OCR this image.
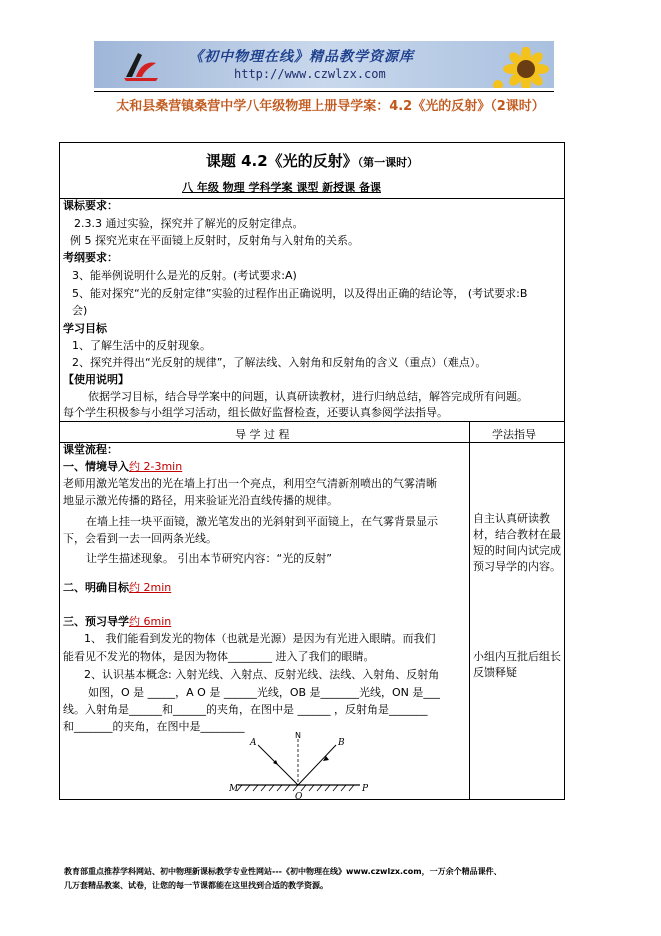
《初中物理在线》精品教学资源库
http://www.czwlzx.com
太和县桑营镇桑营中学八年级物理上册导学案：4.2《光的反射》（2课时）
课题 4.2《光的反射》（第一课时）
八 年级 物理 学科学案 课型 新授课 备课
课标要求：
2.3.3 通过实验，探究并了解光的反射定律点。
例 5 探究光束在平面镜上反射时，反射角与入射角的关系。
考纲要求：
3、能举例说明什么是光的反射。(考试要求:A)
5、能对探究“光的反射定律”实验的过程作出正确说明，以及得出正确的结论等， (考试要求:B
会)
学习目标
1、了解生活中的反射现象。
2、探究并得出“光反射的规律”，了解法线、入射角和反射角的含义（重点）（难点）。
【使用说明】
依据学习目标，结合导学案中的问题，认真研读教材，进行归纳总结，解答完成所有问题。
每个学生积极参与小组学习活动，组长做好监督检查，还要认真参阅学法指导。
导 学 过 程	学法指导
课堂流程：
一、情境导入约 2-3min
老师用激光笔发出的光在墙上打出一个亮点，利用空气清新剂喷出的气雾清晰
地显示激光传播的路径，用来验证光沿直线传播的规律。
在墙上挂一块平面镜，激光笔发出的光斜射到平面镜上，在气雾背景显示
下，会看到一去一回两条光线。
让学生描述现象。 引出本节研究内容：“光的反射”
二、明确目标约 2min
三、预习导学约 6min
1、 我们能看到发光的物体（也就是光源）是因为有光进入眼睛。而我们
能看见不发光的物体，是因为物体________ 进入了我们的眼睛。
2、认识基本概念: 入射光线、入射点、反射光线、法线、入射角、反射角
如图，O 是 _____，A O 是 ______光线，OB 是_______光线，ON 是___
线。入射角是______和______的夹角，在图中是 ______ ，反射角是_______
和_______的夹角，在图中是________
自主认真研读教材，结合教材在最短的时间内试完成预习导学的内容。
小组内互批后组长反馈释疑
A
N
B
M
O
P
教育部重点推荐学科网站、初中物理新课标教学专业性网站---《初中物理在线》www.czwlzx.com，一万余个精品课件、
几万套精品教案、试卷，让您的每一节课都能在这里找到合适的教学资源。
